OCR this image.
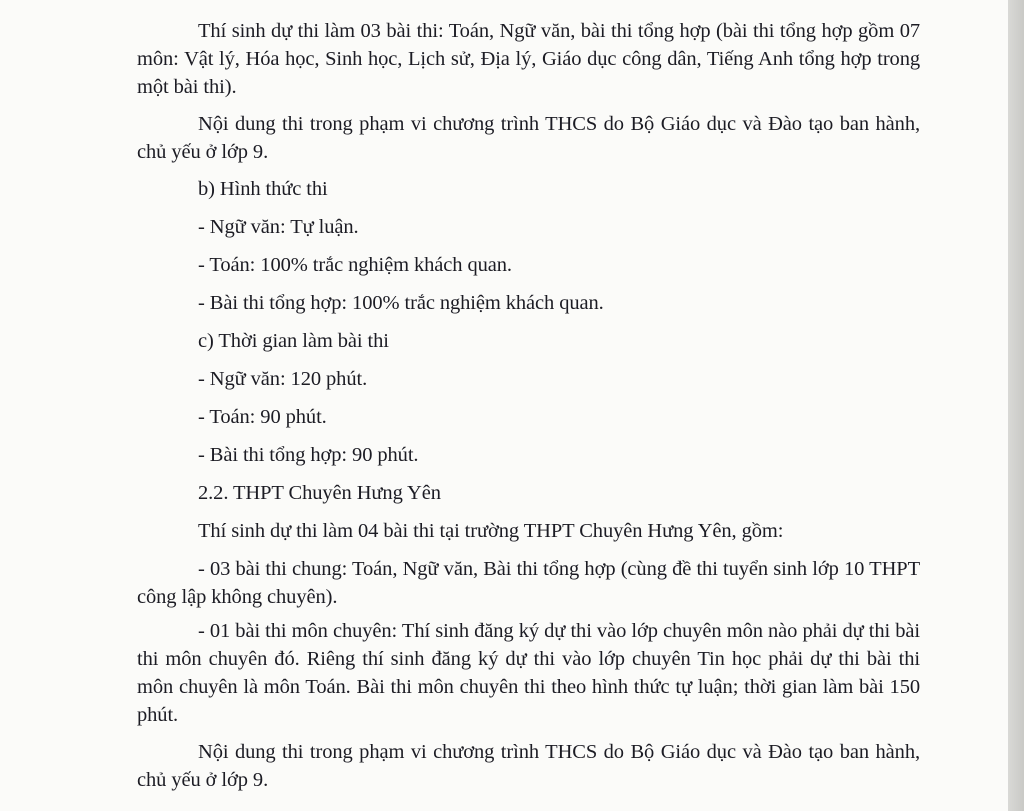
Thí sinh dự thi làm 03 bài thi: Toán, Ngữ văn, bài thi tổng hợp (bài thi tổng hợp gồm 07 môn: Vật lý, Hóa học, Sinh học, Lịch sử, Địa lý, Giáo dục công dân, Tiếng Anh tổng hợp trong một bài thi).

Nội dung thi trong phạm vi chương trình THCS do Bộ Giáo dục và Đào tạo ban hành, chủ yếu ở lớp 9.

b) Hình thức thi

- Ngữ văn: Tự luận.

- Toán: 100% trắc nghiệm khách quan.

- Bài thi tổng hợp: 100% trắc nghiệm khách quan.

c) Thời gian làm bài thi

- Ngữ văn: 120 phút.

- Toán: 90 phút.

- Bài thi tổng hợp: 90 phút.

2.2. THPT Chuyên Hưng Yên

Thí sinh dự thi làm 04 bài thi tại trường THPT Chuyên Hưng Yên, gồm:

- 03 bài thi chung: Toán, Ngữ văn, Bài thi tổng hợp (cùng đề thi tuyển sinh lớp 10 THPT công lập không chuyên).

- 01 bài thi môn chuyên: Thí sinh đăng ký dự thi vào lớp chuyên môn nào phải dự thi bài thi môn chuyên đó. Riêng thí sinh đăng ký dự thi vào lớp chuyên Tin học phải dự thi bài thi môn chuyên là môn Toán. Bài thi môn chuyên thi theo hình thức tự luận; thời gian làm bài 150 phút.

Nội dung thi trong phạm vi chương trình THCS do Bộ Giáo dục và Đào tạo ban hành, chủ yếu ở lớp 9.
